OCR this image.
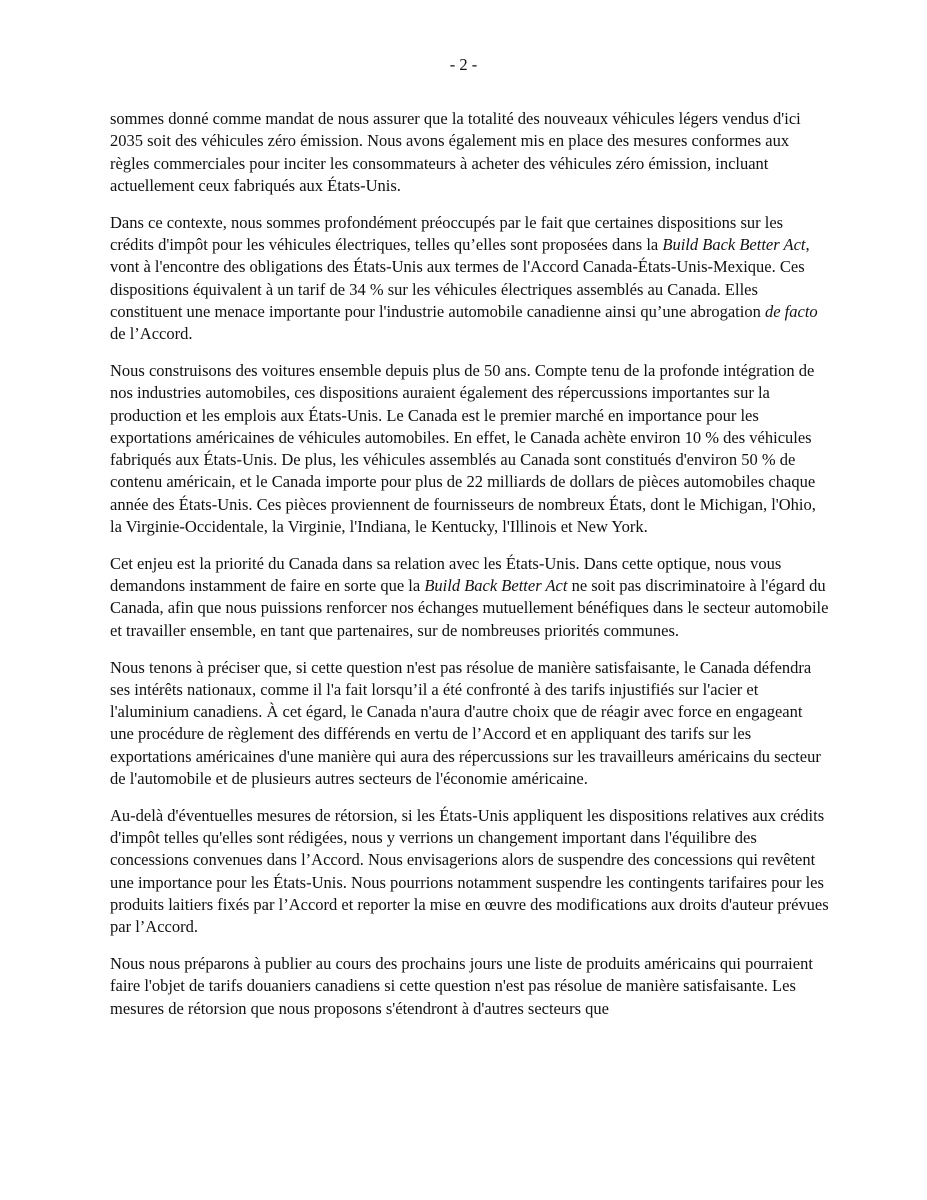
- 2 -

sommes donné comme mandat de nous assurer que la totalité des nouveaux véhicules légers vendus d'ici 2035 soit des véhicules zéro émission. Nous avons également mis en place des mesures conformes aux règles commerciales pour inciter les consommateurs à acheter des véhicules zéro émission, incluant actuellement ceux fabriqués aux États-Unis.

Dans ce contexte, nous sommes profondément préoccupés par le fait que certaines dispositions sur les crédits d'impôt pour les véhicules électriques, telles qu’elles sont proposées dans la Build Back Better Act, vont à l'encontre des obligations des États-Unis aux termes de l'Accord Canada-États-Unis-Mexique. Ces dispositions équivalent à un tarif de 34 % sur les véhicules électriques assemblés au Canada. Elles constituent une menace importante pour l'industrie automobile canadienne ainsi qu’une abrogation de facto de l’Accord.

Nous construisons des voitures ensemble depuis plus de 50 ans. Compte tenu de la profonde intégration de nos industries automobiles, ces dispositions auraient également des répercussions importantes sur la production et les emplois aux États-Unis. Le Canada est le premier marché en importance pour les exportations américaines de véhicules automobiles. En effet, le Canada achète environ 10 % des véhicules fabriqués aux États-Unis. De plus, les véhicules assemblés au Canada sont constitués d'environ 50 % de contenu américain, et le Canada importe pour plus de 22 milliards de dollars de pièces automobiles chaque année des États-Unis. Ces pièces proviennent de fournisseurs de nombreux États, dont le Michigan, l'Ohio, la Virginie-Occidentale, la Virginie, l'Indiana, le Kentucky, l'Illinois et New York.

Cet enjeu est la priorité du Canada dans sa relation avec les États-Unis. Dans cette optique, nous vous demandons instamment de faire en sorte que la Build Back Better Act ne soit pas discriminatoire à l'égard du Canada, afin que nous puissions renforcer nos échanges mutuellement bénéfiques dans le secteur automobile et travailler ensemble, en tant que partenaires, sur de nombreuses priorités communes.

Nous tenons à préciser que, si cette question n'est pas résolue de manière satisfaisante, le Canada défendra ses intérêts nationaux, comme il l'a fait lorsqu’il a été confronté à des tarifs injustifiés sur l'acier et l'aluminium canadiens. À cet égard, le Canada n'aura d'autre choix que de réagir avec force en engageant une procédure de règlement des différends en vertu de l’Accord et en appliquant des tarifs sur les exportations américaines d'une manière qui aura des répercussions sur les travailleurs américains du secteur de l'automobile et de plusieurs autres secteurs de l'économie américaine.

Au-delà d'éventuelles mesures de rétorsion, si les États-Unis appliquent les dispositions relatives aux crédits d'impôt telles qu'elles sont rédigées, nous y verrions un changement important dans l'équilibre des concessions convenues dans l’Accord. Nous envisagerions alors de suspendre des concessions qui revêtent une importance pour les États-Unis. Nous pourrions notamment suspendre les contingents tarifaires pour les produits laitiers fixés par l’Accord et reporter la mise en œuvre des modifications aux droits d'auteur prévues par l’Accord.

Nous nous préparons à publier au cours des prochains jours une liste de produits américains qui pourraient faire l'objet de tarifs douaniers canadiens si cette question n'est pas résolue de manière satisfaisante. Les mesures de rétorsion que nous proposons s'étendront à d'autres secteurs que
